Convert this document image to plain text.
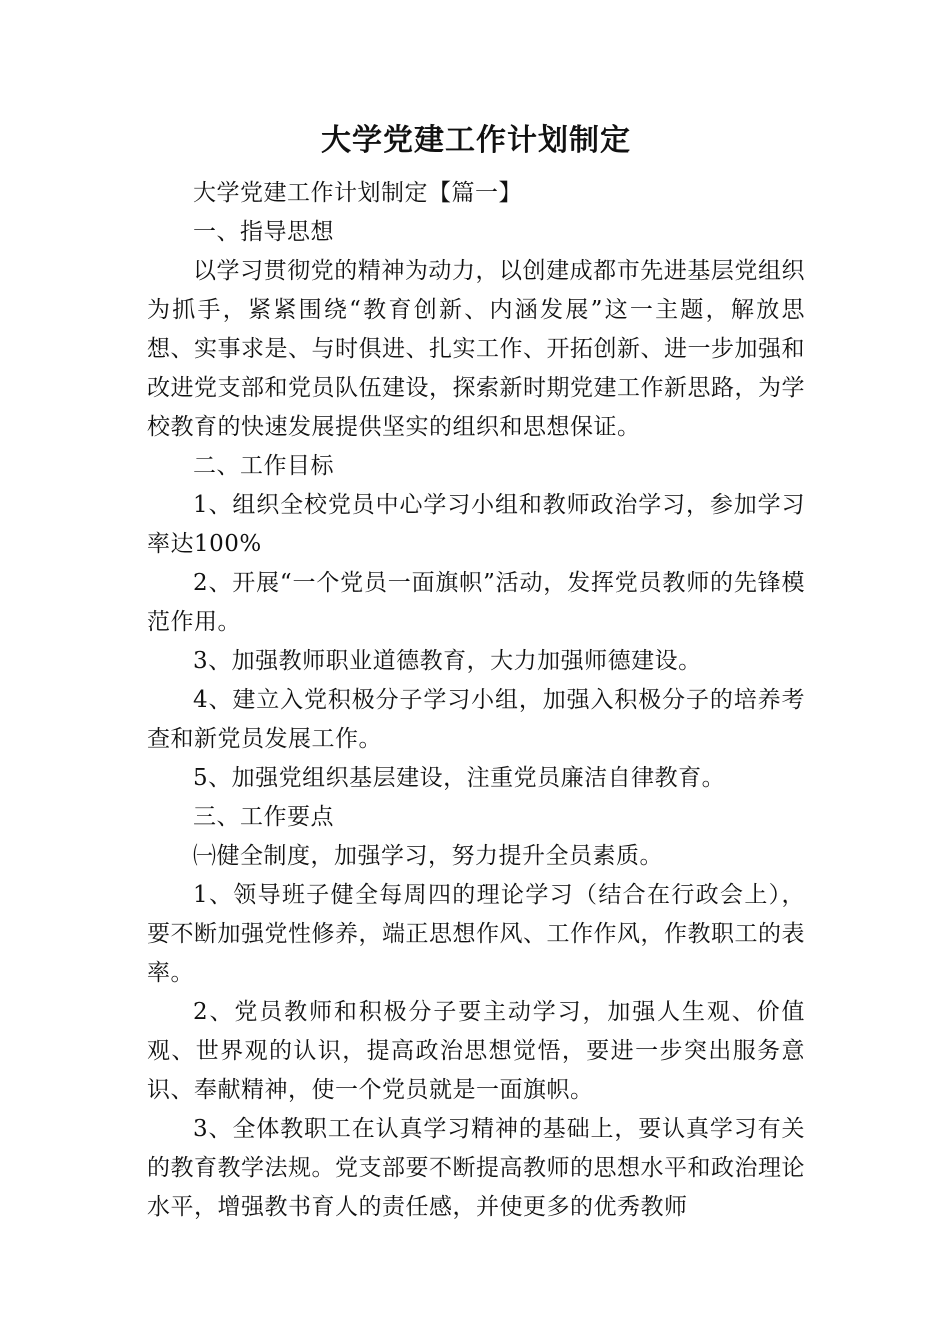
大学党建工作计划制定

大学党建工作计划制定【篇一】

一、指导思想

以学习贯彻党的精神为动力，以创建成都市先进基层党组织为抓手，紧紧围绕“教育创新、内涵发展”这一主题，解放思想、实事求是、与时俱进、扎实工作、开拓创新、进一步加强和改进党支部和党员队伍建设，探索新时期党建工作新思路，为学校教育的快速发展提供坚实的组织和思想保证。

二、工作目标

1、组织全校党员中心学习小组和教师政治学习，参加学习率达100%

2、开展“一个党员一面旗帜”活动，发挥党员教师的先锋模范作用。

3、加强教师职业道德教育，大力加强师德建设。

4、建立入党积极分子学习小组，加强入积极分子的培养考查和新党员发展工作。

5、加强党组织基层建设，注重党员廉洁自律教育。

三、工作要点

㈠健全制度，加强学习，努力提升全员素质。

1、领导班子健全每周四的理论学习（结合在行政会上），要不断加强党性修养，端正思想作风、工作作风，作教职工的表率。

2、党员教师和积极分子要主动学习，加强人生观、价值观、世界观的认识，提高政治思想觉悟，要进一步突出服务意识、奉献精神，使一个党员就是一面旗帜。

3、全体教职工在认真学习精神的基础上，要认真学习有关的教育教学法规。党支部要不断提高教师的思想水平和政治理论水平，增强教书育人的责任感，并使更多的优秀教师
